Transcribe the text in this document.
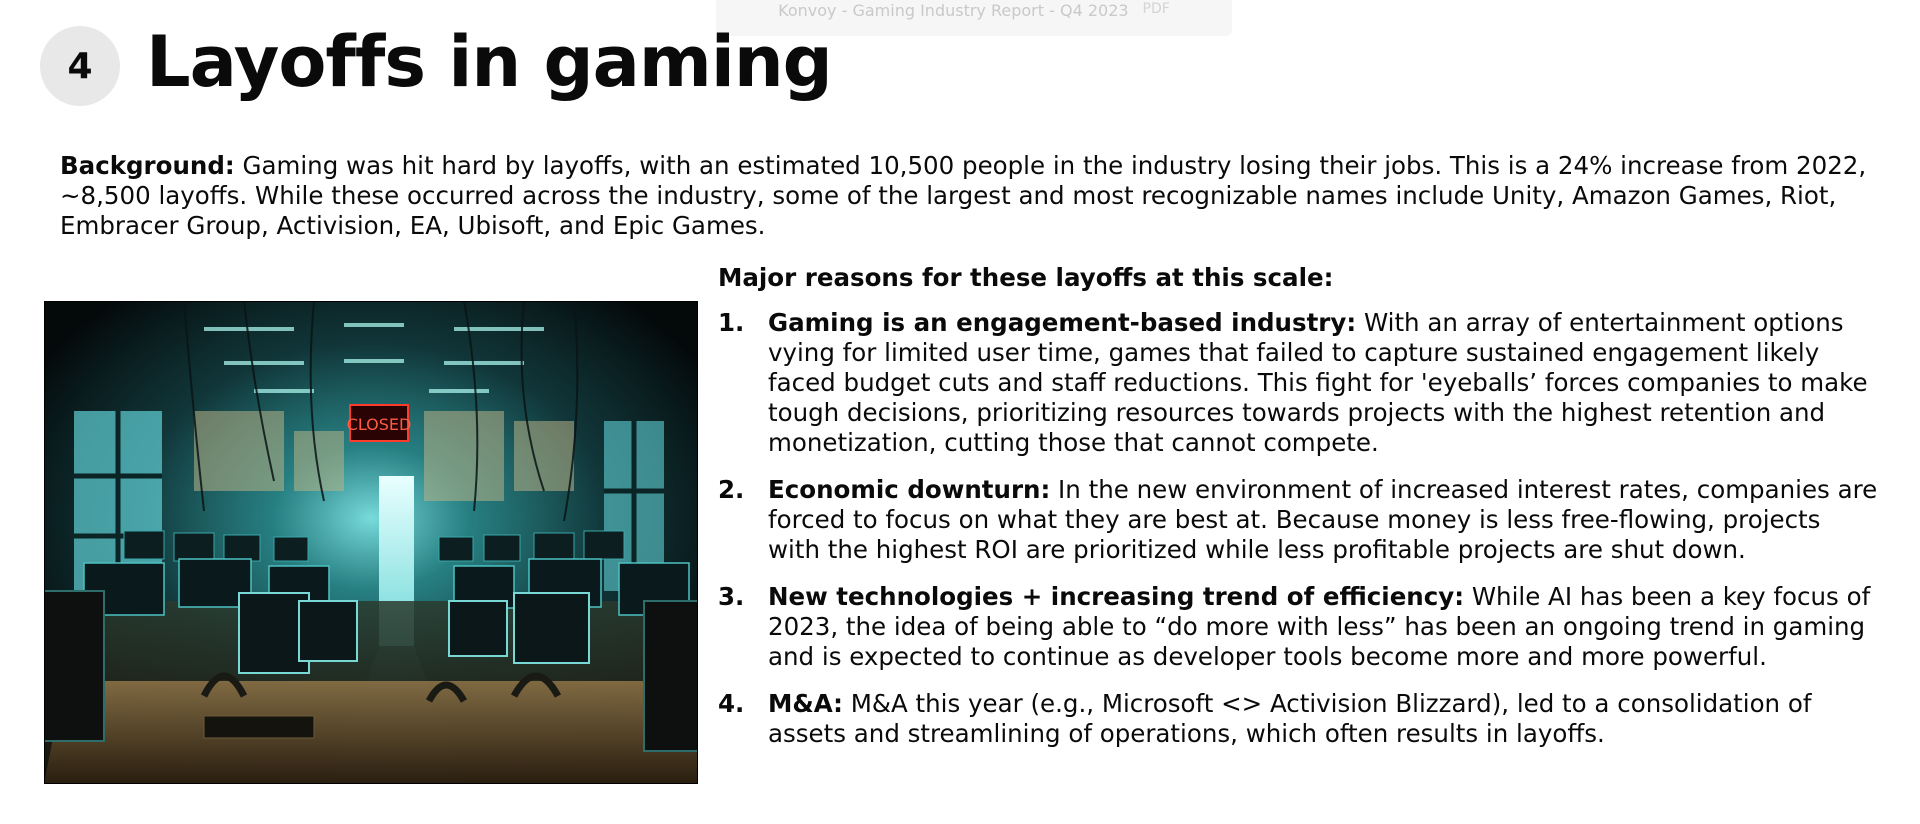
Konvoy - Gaming Industry Report - Q4 2023 PDF
4 Layoffs in gaming

Background: Gaming was hit hard by layoffs, with an estimated 10,500 people in the industry losing their jobs. This is a 24% increase from 2022, ~8,500 layoffs. While these occurred across the industry, some of the largest and most recognizable names include Unity, Amazon Games, Riot, Embracer Group, Activision, EA, Ubisoft, and Epic Games.

CLOSED
Major reasons for these layoffs at this scale:
1. Gaming is an engagement-based industry: With an array of entertainment options vying for limited user time, games that failed to capture sustained engagement likely faced budget cuts and staff reductions. This fight for 'eyeballs’ forces companies to make tough decisions, prioritizing resources towards projects with the highest retention and monetization, cutting those that cannot compete.
2. Economic downturn: In the new environment of increased interest rates, companies are forced to focus on what they are best at. Because money is less free-flowing, projects with the highest ROI are prioritized while less profitable projects are shut down.
3. New technologies + increasing trend of efficiency: While AI has been a key focus of 2023, the idea of being able to “do more with less” has been an ongoing trend in gaming and is expected to continue as developer tools become more and more powerful.
4. M&A: M&A this year (e.g., Microsoft <> Activision Blizzard), led to a consolidation of assets and streamlining of operations, which often results in layoffs.
